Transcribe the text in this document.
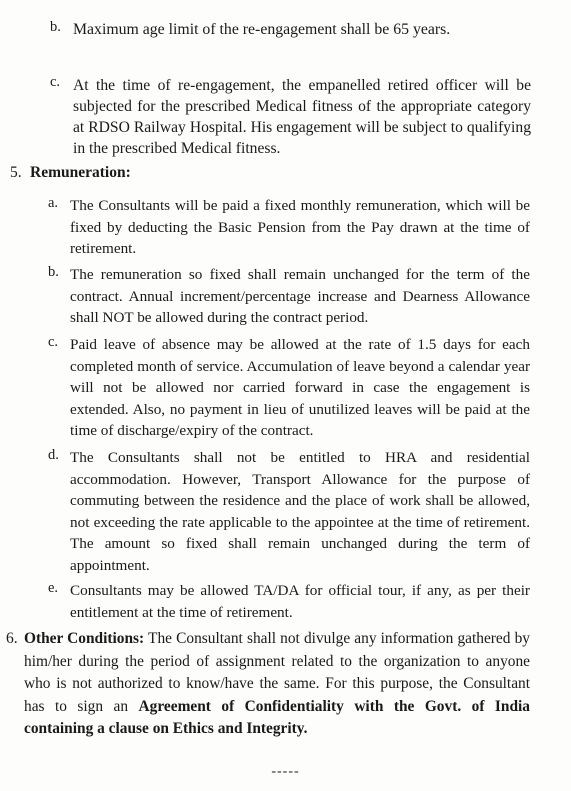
b. Maximum age limit of the re-engagement shall be 65 years.
c. At the time of re-engagement, the empanelled retired officer will be subjected for the prescribed Medical fitness of the appropriate category at RDSO Railway Hospital. His engagement will be subject to qualifying in the prescribed Medical fitness.
5. Remuneration:
a. The Consultants will be paid a fixed monthly remuneration, which will be fixed by deducting the Basic Pension from the Pay drawn at the time of retirement.
b. The remuneration so fixed shall remain unchanged for the term of the contract. Annual increment/percentage increase and Dearness Allowance shall NOT be allowed during the contract period.
c. Paid leave of absence may be allowed at the rate of 1.5 days for each completed month of service. Accumulation of leave beyond a calendar year will not be allowed nor carried forward in case the engagement is extended. Also, no payment in lieu of unutilized leaves will be paid at the time of discharge/expiry of the contract.
d. The Consultants shall not be entitled to HRA and residential accommodation. However, Transport Allowance for the purpose of commuting between the residence and the place of work shall be allowed, not exceeding the rate applicable to the appointee at the time of retirement. The amount so fixed shall remain unchanged during the term of appointment.
e. Consultants may be allowed TA/DA for official tour, if any, as per their entitlement at the time of retirement.
6. Other Conditions: The Consultant shall not divulge any information gathered by him/her during the period of assignment related to the organization to anyone who is not authorized to know/have the same. For this purpose, the Consultant has to sign an Agreement of Confidentiality with the Govt. of India containing a clause on Ethics and Integrity.
-----
